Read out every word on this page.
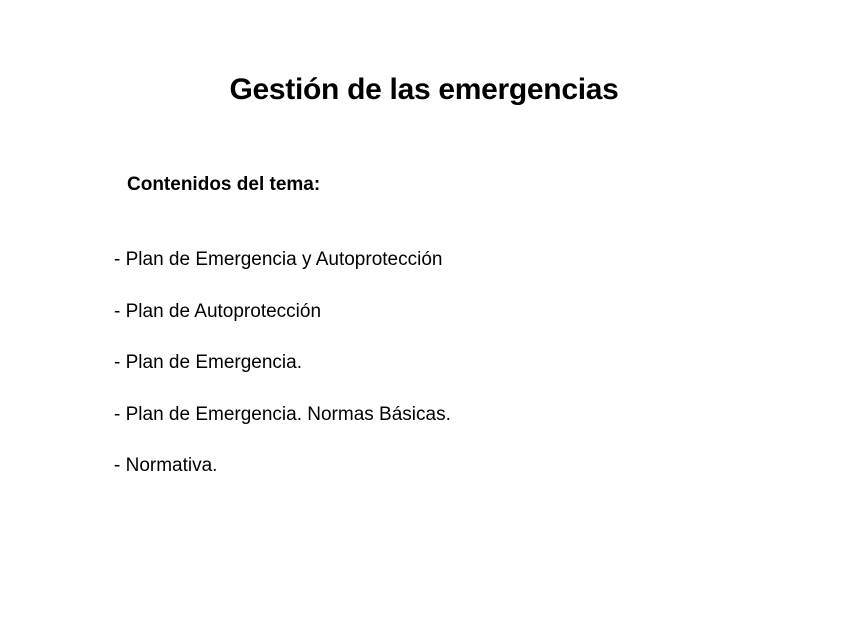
Gestión de las emergencias

Contenidos del tema:

- Plan de Emergencia y Autoprotección
- Plan de Autoprotección
- Plan de Emergencia.
- Plan de Emergencia. Normas Básicas.
- Normativa.
